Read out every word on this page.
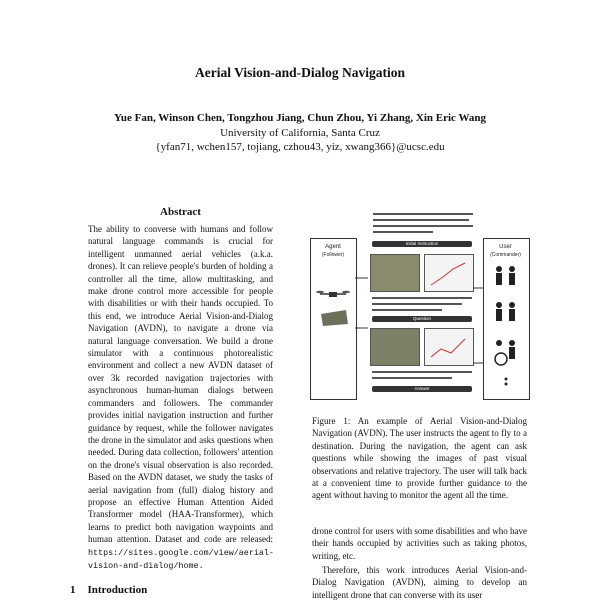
Aerial Vision-and-Dialog Navigation
Yue Fan, Winson Chen, Tongzhou Jiang, Chun Zhou, Yi Zhang, Xin Eric Wang
University of California, Santa Cruz
{yfan71, wchen157, tojiang, czhou43, yiz, xwang366}@ucsc.edu
Abstract
The ability to converse with humans and follow natural language commands is crucial for intelligent unmanned aerial vehicles (a.k.a. drones). It can relieve people's burden of holding a controller all the time, allow multitasking, and make drone control more accessible for people with disabilities or with their hands occupied. To this end, we introduce Aerial Vision-and-Dialog Navigation (AVDN), to navigate a drone via natural language conversation. We build a drone simulator with a continuous photorealistic environment and collect a new AVDN dataset of over 3k recorded navigation trajectories with asynchronous human-human dialogs between commanders and followers. The commander provides initial navigation instruction and further guidance by request, while the follower navigates the drone in the simulator and asks questions when needed. During data collection, followers' attention on the drone's visual observation is also recorded. Based on the AVDN dataset, we study the tasks of aerial navigation from (full) dialog history and propose an effective Human Attention Aided Transformer model (HAA-Transformer), which learns to predict both navigation waypoints and human attention. Dataset and code are released: https://sites.google.com/view/aerial-vision-and-dialog/home.
1 Introduction
Agent
(Follower)
User
(Commander)
Initial Instruction
Question
Answer
Figure 1: An example of Aerial Vision-and-Dialog Navigation (AVDN). The user instructs the agent to fly to a destination. During the navigation, the agent can ask questions while showing the images of past visual observations and relative trajectory. The user will talk back at a convenient time to provide further guidance to the agent without having to monitor the agent all the time.
drone control for users with some disabilities and who have their hands occupied by activities such as taking photos, writing, etc.
Therefore, this work introduces Aerial Vision-and-Dialog Navigation (AVDN), aiming to develop an intelligent drone that can converse with its user
